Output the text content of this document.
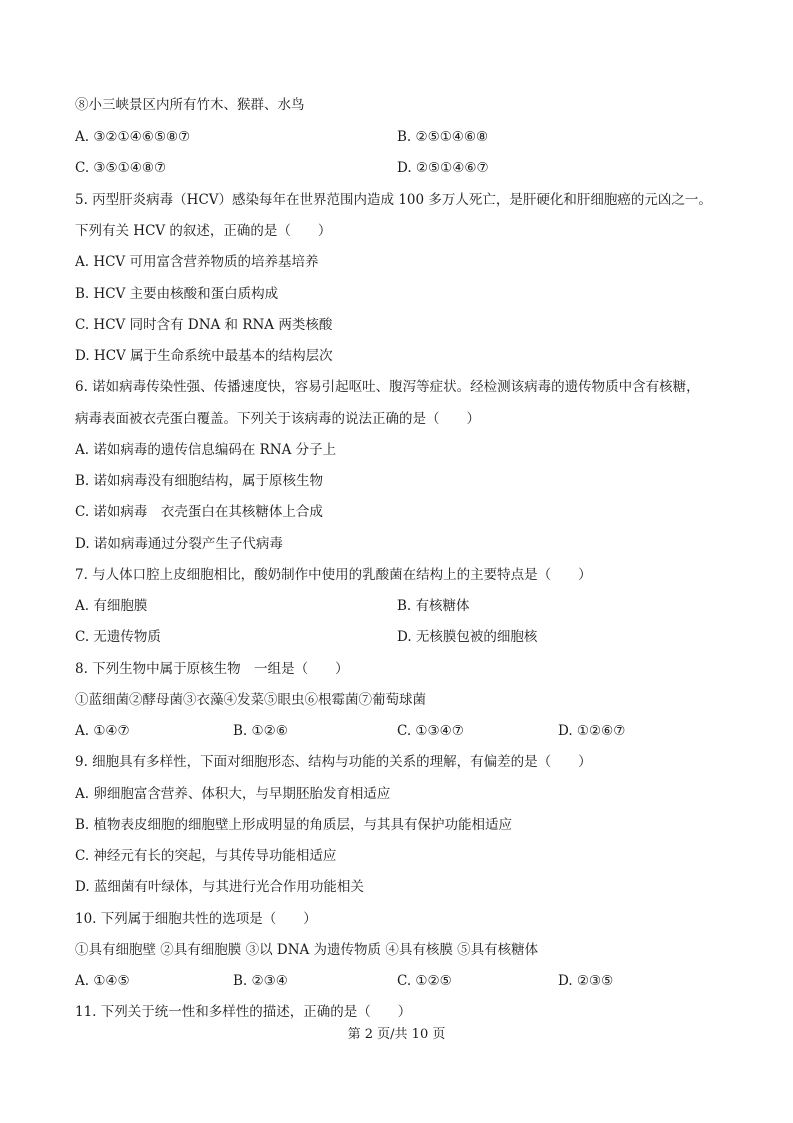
⑧小三峡景区内所有竹木、猴群、水鸟
A. ③②①④⑥⑤⑧⑦	B. ②⑤①④⑥⑧
C. ③⑤①④⑧⑦	D. ②⑤①④⑥⑦
5. 丙型肝炎病毒（HCV）感染每年在世界范围内造成 100 多万人死亡，是肝硬化和肝细胞癌的元凶之一。
下列有关 HCV 的叙述，正确的是（　　）
A. HCV 可用富含营养物质的培养基培养
B. HCV 主要由核酸和蛋白质构成
C. HCV 同时含有 DNA 和 RNA 两类核酸
D. HCV 属于生命系统中最基本的结构层次
6. 诺如病毒传染性强、传播速度快，容易引起呕吐、腹泻等症状。经检测该病毒的遗传物质中含有核糖，
病毒表面被衣壳蛋白覆盖。下列关于该病毒的说法正确的是（　　）
A. 诺如病毒的遗传信息编码在 RNA 分子上
B. 诺如病毒没有细胞结构，属于原核生物
C. 诺如病毒　衣壳蛋白在其核糖体上合成
D. 诺如病毒通过分裂产生子代病毒
7. 与人体口腔上皮细胞相比，酸奶制作中使用的乳酸菌在结构上的主要特点是（　　）
A. 有细胞膜	B. 有核糖体
C. 无遗传物质	D. 无核膜包被的细胞核
8. 下列生物中属于原核生物　一组是（　　）
①蓝细菌②酵母菌③衣藻④发菜⑤眼虫⑥根霉菌⑦葡萄球菌
A. ①④⑦	B. ①②⑥	C. ①③④⑦	D. ①②⑥⑦
9. 细胞具有多样性，下面对细胞形态、结构与功能的关系的理解，有偏差的是（　　）
A. 卵细胞富含营养、体积大，与早期胚胎发育相适应
B. 植物表皮细胞的细胞壁上形成明显的角质层，与其具有保护功能相适应
C. 神经元有长的突起，与其传导功能相适应
D. 蓝细菌有叶绿体，与其进行光合作用功能相关
10. 下列属于细胞共性的选项是（　　）
①具有细胞壁 ②具有细胞膜 ③以 DNA 为遗传物质 ④具有核膜 ⑤具有核糖体
A. ①④⑤	B. ②③④	C. ①②⑤	D. ②③⑤
11. 下列关于统一性和多样性的描述，正确的是（　　）
第 2 页/共 10 页
